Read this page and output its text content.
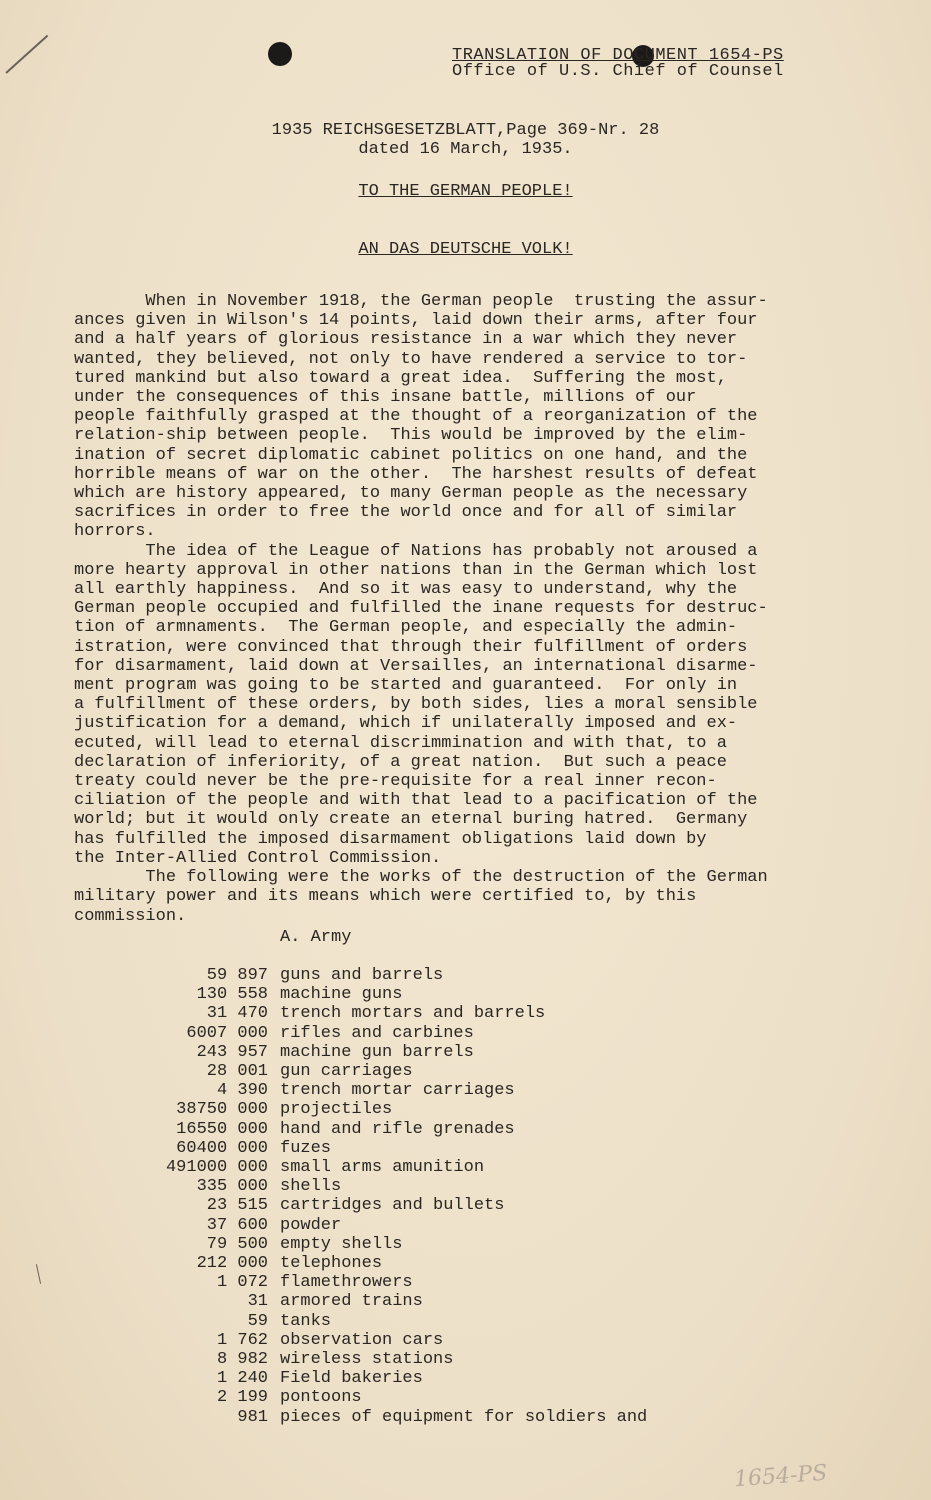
TRANSLATION OF DOCUMENT 1654-PS
Office of U.S. Chief of Counsel
1935 REICHSGESETZBLATT,Page 369-Nr. 28
dated 16 March, 1935.
TO THE GERMAN PEOPLE!
AN DAS DEUTSCHE VOLK!

When in November 1918, the German people  trusting the assur-

ances given in Wilson's 14 points, laid down their arms, after four

and a half years of glorious resistance in a war which they never

wanted, they believed, not only to have rendered a service to tor-

tured mankind but also toward a great idea.  Suffering the most,

under the consequences of this insane battle, millions of our

people faithfully grasped at the thought of a reorganization of the

relation-ship between people.  This would be improved by the elim-

ination of secret diplomatic cabinet politics on one hand, and the

horrible means of war on the other.  The harshest results of defeat

which are history appeared, to many German people as the necessary

sacrifices in order to free the world once and for all of similar

horrors.

The idea of the League of Nations has probably not aroused a

more hearty approval in other nations than in the German which lost

all earthly happiness.  And so it was easy to understand, why the

German people occupied and fulfilled the inane requests for destruc-

tion of armnaments.  The German people, and especially the admin-

istration, were convinced that through their fulfillment of orders

for disarmament, laid down at Versailles, an international disarme-

ment program was going to be started and guaranteed.  For only in

a fulfillment of these orders, by both sides, lies a moral sensible

justification for a demand, which if unilaterally imposed and ex-

ecuted, will lead to eternal discrimmination and with that, to a

declaration of inferiority, of a great nation.  But such a peace

treaty could never be the pre-requisite for a real inner recon-

ciliation of the people and with that lead to a pacification of the

world; but it would only create an eternal buring hatred.  Germany

has fulfilled the imposed disarmament obligations laid down by

the Inter-Allied Control Commission.

The following were the works of the destruction of the German

military power and its means which were certified to, by this

commission.

A. Army
59 897 guns and barrels
130 558 machine guns
31 470 trench mortars and barrels
6007 000 rifles and carbines
243 957 machine gun barrels
28 001 gun carriages
4 390 trench mortar carriages
38750 000 projectiles
16550 000 hand and rifle grenades
60400 000 fuzes
491000 000 small arms amunition
335 000 shells
23 515 cartridges and bullets
37 600 powder
79 500 empty shells
212 000 telephones
1 072 flamethrowers
31 armored trains
59 tanks
1 762 observation cars
8 982 wireless stations
1 240 Field bakeries
2 199 pontoons
981 pieces of equipment for soldiers and
1654-PS
